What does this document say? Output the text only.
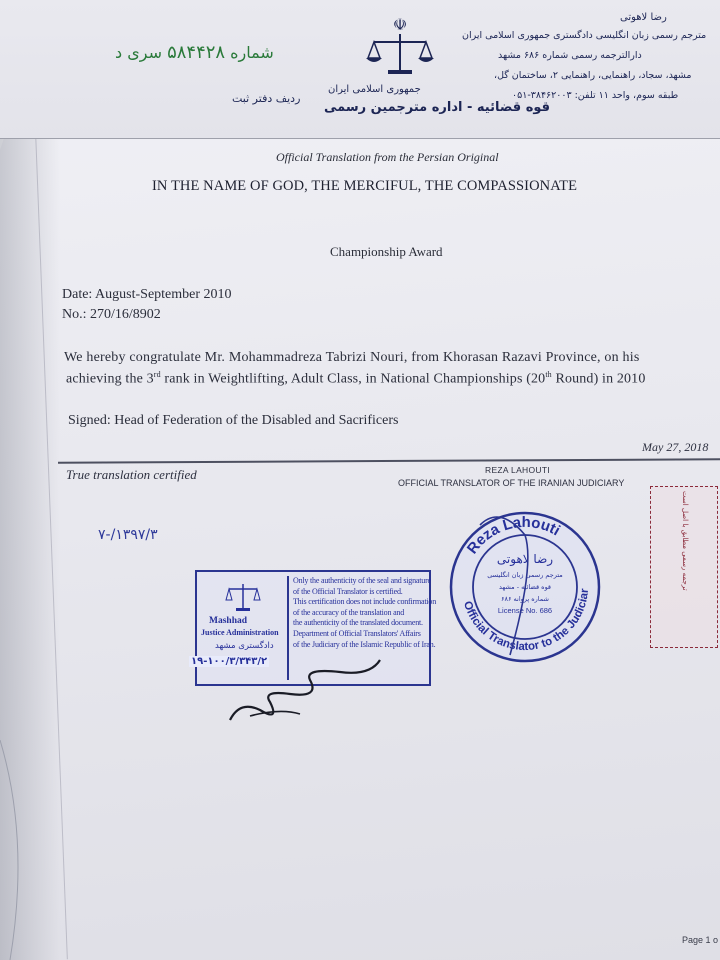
شماره ۵۸۴۴۲۸ سری د
ردیف دفتر ثبت
☫
جمهوری اسلامی ایران
قوه قضائیه - اداره مترجمین رسمی
رضا لاهوتی
مترجم رسمی زبان انگلیسی دادگستری جمهوری اسلامی ایران
دارالترجمه رسمی شماره ۶۸۶ مشهد
مشهد، سجاد، راهنمایی، راهنمایی ۲، ساختمان گل،
طبقه سوم، واحد ۱۱ تلفن: ۳۸۴۶۲۰۰۳-۰۵۱
Official Translation from the Persian Original
IN THE NAME OF GOD, THE MERCIFUL, THE COMPASSIONATE
Championship Award
Date: August-September 2010
No.: 270/16/8902
We hereby congratulate Mr. Mohammadreza Tabrizi Nouri, from Khorasan Razavi Province, on his
achieving the 3rd rank in Weightlifting, Adult Class, in National Championships (20th Round) in 2010
Signed: Head of Federation of the Disabled and Sacrificers
May 27, 2018
True translation certified	REZA LAHOUTI
OFFICIAL TRANSLATOR OF THE IRANIAN JUDICIARY
۱۳۹۷/۳/-۷
Mashhad
Justice Administration
دادگستری مشهد
۱۹-۱۰۰/۳/۳۴۳/۲
Only the authenticity of the seal and signature
of the Official Translator is certified.
This certification does not include confirmation
of the accuracy of the translation and
the authenticity of the translated document.
Department of Official Translators' Affairs
of the Judiciary of the Islamic Republic of Iran.
Reza Lahouti
Official Translator to the Judiciar
رضا لاهوتی
مترجم رسمی زبان انگلیسی
قوه قضائیه - مشهد
شماره پروانه ۶۸۶
License No. 686
ترجمه رسمی مطابق با اصل است
Page 1 o
